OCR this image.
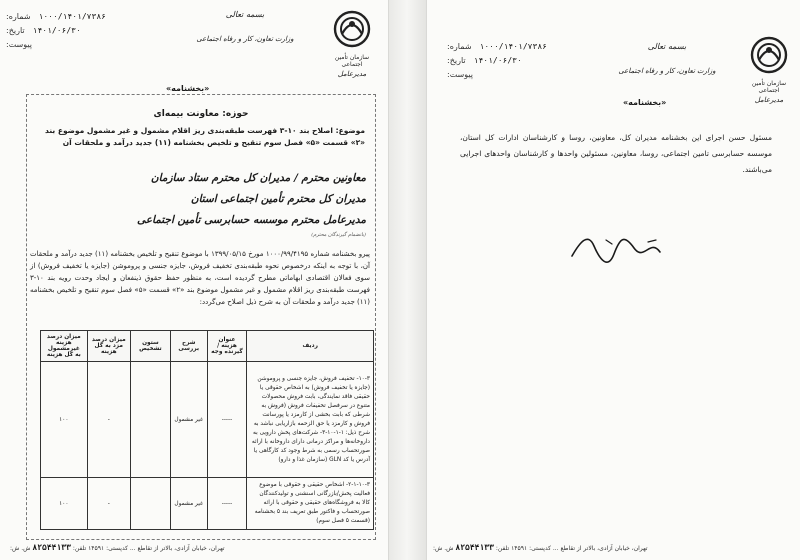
۱۰۰۰/۱۴۰۱/۷۳۸۶
شماره:
۱۴۰۱/۰۶/۳۰
تاریخ:
پیوست:
بسمه تعالی
وزارت تعاون، کار و رفاه اجتماعی
سازمان تأمین اجتماعی
مدیرعامل
«بخشنامه»
حوزه: معاونت بیمه‌ای
موضوع: اصلاح بند ۱۰-۳ فهرست طبقه‌بندی ریز اقلام مشمول و غیر مشمول موضوع بند «۲» قسمت «۵» فصل سوم تنقیح و تلخیص بخشنامه (۱۱) جدید درآمد و ملحقات آن
معاونین محترم / مدیران کل محترم ستاد سازمان
مدیران کل محترم تأمین اجتماعی استان
مدیرعامل محترم موسسه حسابرسی تأمین اجتماعی
(بانضمام گیرندگان محترم)
پیرو بخشنامه شماره ۱۰۰۰/۹۹/۴۱۹۵ مورخ ۱۳۹۹/۰۵/۱۵ با موضوع تنقیح و تلخیص بخشنامه (۱۱) جدید درآمد و ملحقات آن، با توجه به اینکه درخصوص نحوه طبقه‌بندی تخفیف فروش، جایزه جنسی و پروموشن (جایزه یا تخفیف فروش) از سوی فعالان اقتصادی ابهاماتی مطرح گردیده است، به منظور حفظ حقوق ذینفعان و ایجاد وحدت رویه بند ۱۰-۳ فهرست طبقه‌بندی ریز اقلام مشمول و غیر مشمول موضوع بند «۲» قسمت «۵» فصل سوم تنقیح و تلخیص بخشنامه (۱۱) جدید درآمد و ملحقات آن به شرح ذیل اصلاح می‌گردد:
ردیف	عنوان هزینه / گیرنده وجه	شرح بررسی	ستون تشخیص	میزان درصد مزد به کل هزینه	میزان درصد هزینه غیرمشمول به کل هزینه
۱۰-۳- تخفیف فروش، جایزه جنسی و پروموشن (جایزه یا تخفیف فروش) به اشخاص حقوقی یا حقیقی فاقد نمایندگی، بابت فروش محصولات متنوع در سرفصل تخفیفات فروش (فروش به شرطی که بابت بخشی از کارمزد یا پورسانت فروش و کارمزد یا حق الزحمه بازاریابی نباشد به شرح ذیل: ۱-۱-۱۰-۳- شرکت‌های پخش دارویی به داروخانه‌ها و مراکز درمانی دارای داروخانه با ارائه صورتحساب رسمی به شرط وجود کد کارگاهی یا آدرس یا کد GLN (سازمان غذا و دارو)	-----	غیر مشمول		-	۱۰۰
۲-۱-۱۰-۳- اشخاص حقیقی و حقوقی با موضوع فعالیت پخش/بازرگانی اسنشنی و تولیدکنندگان کالا به فروشگاه‌های حقیقی و حقوقی با ارائه صورتحساب و فاکتور طبق تعریف بند ۵ بخشنامه (قسمت ۵ فصل سوم)	-----	غیر مشمول		-	۱۰۰
تهران، خیابان آزادی، بالاتر از تقاطع ... کدپستی: ۱۴۵۹۱ تلفن: ۸۲۵۴۴۱۳۳ ش. ش:
۱۰۰۰/۱۴۰۱/۷۳۸۶
شماره:
۱۴۰۱/۰۶/۳۰
تاریخ:
پیوست:
بسمه تعالی
وزارت تعاون، کار و رفاه اجتماعی
سازمان تأمین اجتماعی
مدیرعامل
«بخشنامه»
تهران، خیابان آزادی، بالاتر از تقاطع ... کدپستی: ۱۴۵۹۱ تلفن: ۸۲۵۴۴۱۳۳ ش. ش:
مسئول حسن اجرای این بخشنامه مدیران کل، معاونین، روسا و کارشناسان ادارات کل استان، موسسه حسابرسی تامین اجتماعی، روسا، معاونین، مسئولین واحدها و کارشناسان واحدهای اجرایی می‌باشند.
